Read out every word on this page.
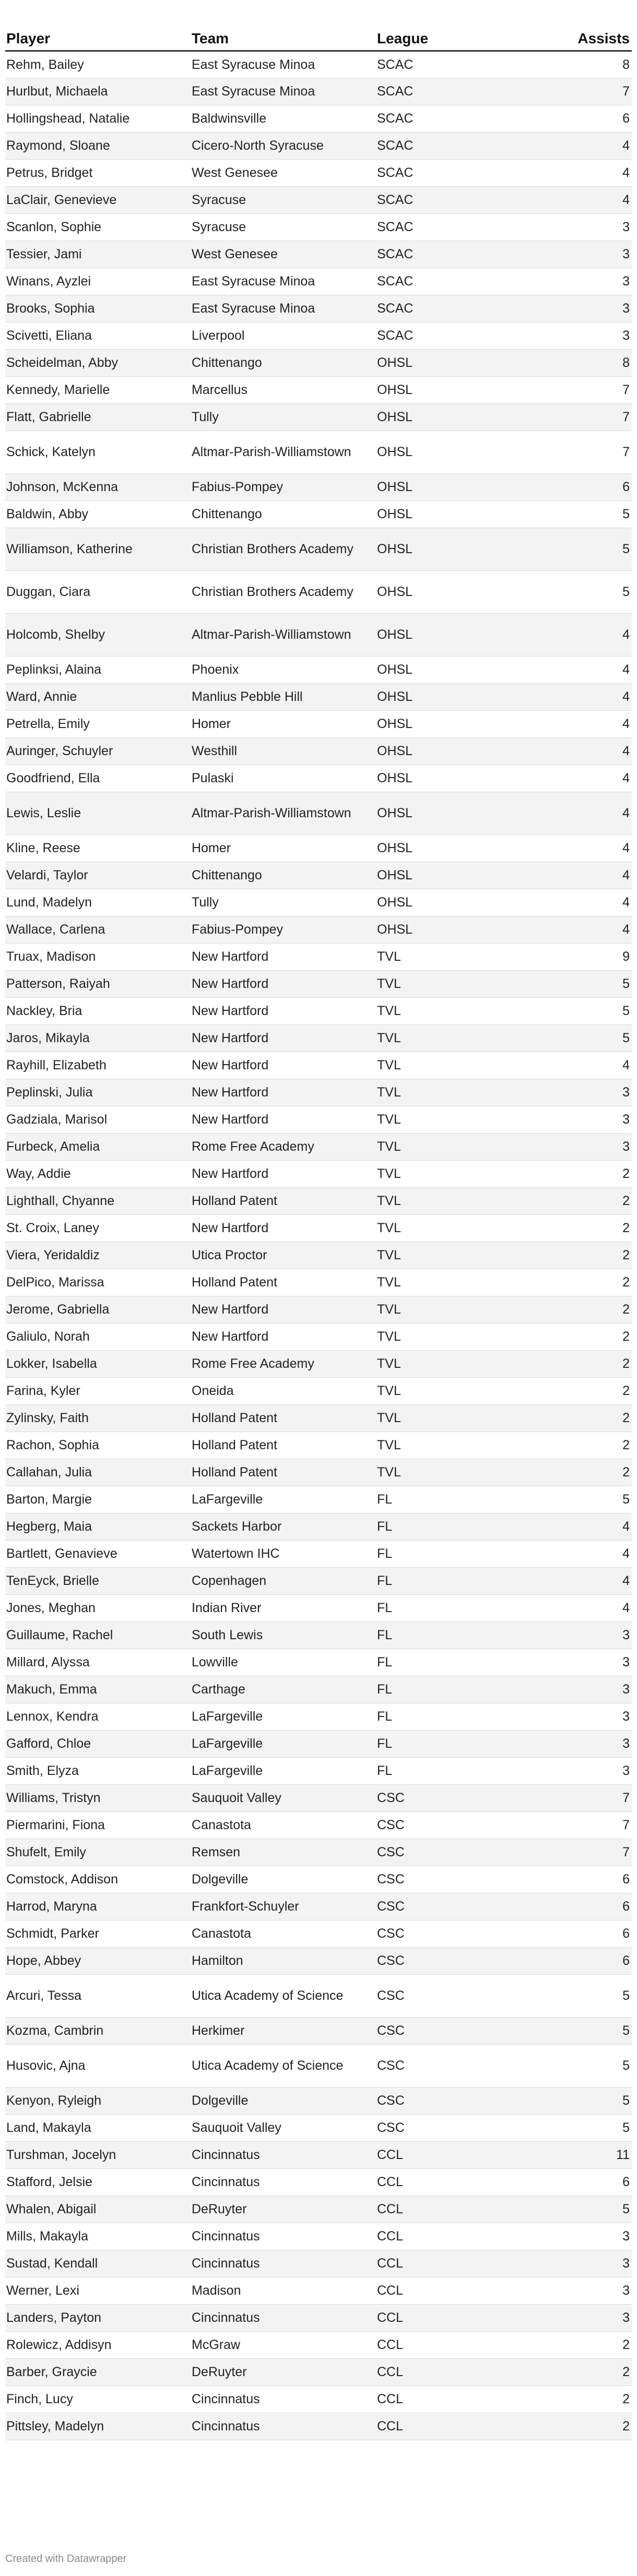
Player	Team	League	Assists
Rehm, Bailey	East Syracuse Minoa	SCAC	8
Hurlbut, Michaela	East Syracuse Minoa	SCAC	7
Hollingshead, Natalie	Baldwinsville	SCAC	6
Raymond, Sloane	Cicero-North Syracuse	SCAC	4
Petrus, Bridget	West Genesee	SCAC	4
LaClair, Genevieve	Syracuse	SCAC	4
Scanlon, Sophie	Syracuse	SCAC	3
Tessier, Jami	West Genesee	SCAC	3
Winans, Ayzlei	East Syracuse Minoa	SCAC	3
Brooks, Sophia	East Syracuse Minoa	SCAC	3
Scivetti, Eliana	Liverpool	SCAC	3
Scheidelman, Abby	Chittenango	OHSL	8
Kennedy, Marielle	Marcellus	OHSL	7
Flatt, Gabrielle	Tully	OHSL	7
Schick, Katelyn	Altmar-Parish-Williamstown	OHSL	7
Johnson, McKenna	Fabius-Pompey	OHSL	6
Baldwin, Abby	Chittenango	OHSL	5
Williamson, Katherine	Christian Brothers Academy	OHSL	5
Duggan, Ciara	Christian Brothers Academy	OHSL	5
Holcomb, Shelby	Altmar-Parish-Williamstown	OHSL	4
Peplinksi, Alaina	Phoenix	OHSL	4
Ward, Annie	Manlius Pebble Hill	OHSL	4
Petrella, Emily	Homer	OHSL	4
Auringer, Schuyler	Westhill	OHSL	4
Goodfriend, Ella	Pulaski	OHSL	4
Lewis, Leslie	Altmar-Parish-Williamstown	OHSL	4
Kline, Reese	Homer	OHSL	4
Velardi, Taylor	Chittenango	OHSL	4
Lund, Madelyn	Tully	OHSL	4
Wallace, Carlena	Fabius-Pompey	OHSL	4
Truax, Madison	New Hartford	TVL	9
Patterson, Raiyah	New Hartford	TVL	5
Nackley, Bria	New Hartford	TVL	5
Jaros, Mikayla	New Hartford	TVL	5
Rayhill, Elizabeth	New Hartford	TVL	4
Peplinski, Julia	New Hartford	TVL	3
Gadziala, Marisol	New Hartford	TVL	3
Furbeck, Amelia	Rome Free Academy	TVL	3
Way, Addie	New Hartford	TVL	2
Lighthall, Chyanne	Holland Patent	TVL	2
St. Croix, Laney	New Hartford	TVL	2
Viera, Yeridaldiz	Utica Proctor	TVL	2
DelPico, Marissa	Holland Patent	TVL	2
Jerome, Gabriella	New Hartford	TVL	2
Galiulo, Norah	New Hartford	TVL	2
Lokker, Isabella	Rome Free Academy	TVL	2
Farina, Kyler	Oneida	TVL	2
Zylinsky, Faith	Holland Patent	TVL	2
Rachon, Sophia	Holland Patent	TVL	2
Callahan, Julia	Holland Patent	TVL	2
Barton, Margie	LaFargeville	FL	5
Hegberg, Maia	Sackets Harbor	FL	4
Bartlett, Genavieve	Watertown IHC	FL	4
TenEyck, Brielle	Copenhagen	FL	4
Jones, Meghan	Indian River	FL	4
Guillaume, Rachel	South Lewis	FL	3
Millard, Alyssa	Lowville	FL	3
Makuch, Emma	Carthage	FL	3
Lennox, Kendra	LaFargeville	FL	3
Gafford, Chloe	LaFargeville	FL	3
Smith, Elyza	LaFargeville	FL	3
Williams, Tristyn	Sauquoit Valley	CSC	7
Piermarini, Fiona	Canastota	CSC	7
Shufelt, Emily	Remsen	CSC	7
Comstock, Addison	Dolgeville	CSC	6
Harrod, Maryna	Frankfort-Schuyler	CSC	6
Schmidt, Parker	Canastota	CSC	6
Hope, Abbey	Hamilton	CSC	6
Arcuri, Tessa	Utica Academy of Science	CSC	5
Kozma, Cambrin	Herkimer	CSC	5
Husovic, Ajna	Utica Academy of Science	CSC	5
Kenyon, Ryleigh	Dolgeville	CSC	5
Land, Makayla	Sauquoit Valley	CSC	5
Turshman, Jocelyn	Cincinnatus	CCL	11
Stafford, Jelsie	Cincinnatus	CCL	6
Whalen, Abigail	DeRuyter	CCL	5
Mills, Makayla	Cincinnatus	CCL	3
Sustad, Kendall	Cincinnatus	CCL	3
Werner, Lexi	Madison	CCL	3
Landers, Payton	Cincinnatus	CCL	3
Rolewicz, Addisyn	McGraw	CCL	2
Barber, Graycie	DeRuyter	CCL	2
Finch, Lucy	Cincinnatus	CCL	2
Pittsley, Madelyn	Cincinnatus	CCL	2
Created with Datawrapper
